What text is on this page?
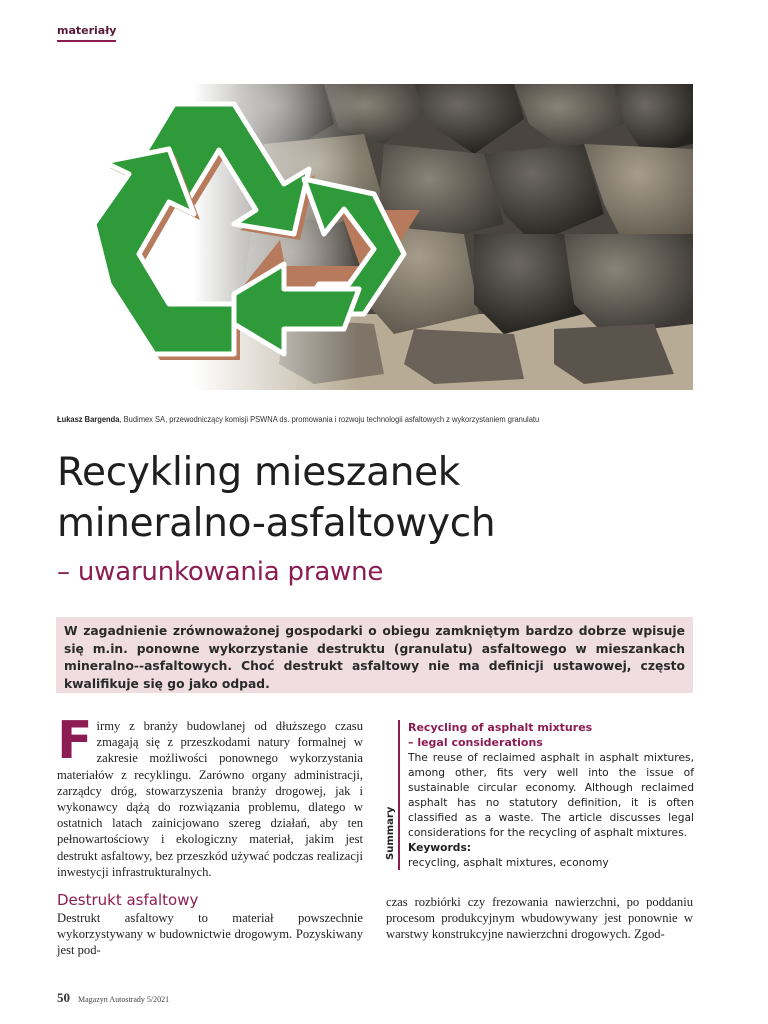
materiały
Łukasz Bargenda, Budimex SA, przewodniczący komisji PSWNA ds. promowania i rozwoju technologii asfaltowych z wykorzystaniem granulatu
Recykling mieszanek
mineralno-asfaltowych
– uwarunkowania prawne
W zagadnienie zrównoważonej gospodarki o obiegu zamkniętym bardzo dobrze wpisuje się m.in. ponowne wykorzystanie destruktu (granulatu) asfaltowego w mieszankach mineralno--asfaltowych. Choć destrukt asfaltowy nie ma definicji ustawowej, często kwalifikuje się go jako odpad.
Firmy z branży budowlanej od dłuższego czasu zmagają się z przeszkodami natury formalnej w zakresie możliwości ponownego wykorzystania materiałów z recyklingu. Zarówno organy administracji, zarządcy dróg, stowarzyszenia branży drogowej, jak i wykonawcy dążą do rozwiązania problemu, dlatego w ostatnich latach zainicjowano szereg działań, aby ten pełnowartościowy i ekologiczny materiał, jakim jest destrukt asfaltowy, bez przeszkód używać podczas realizacji inwestycji infrastrukturalnych.
Summary
Recycling of asphalt mixtures
– legal considerations
The reuse of reclaimed asphalt in asphalt mixtures, among other, fits very well into the issue of sustainable circular economy. Although reclaimed asphalt has no statutory definition, it is often classified as a waste. The article discusses legal considerations for the recycling of asphalt mixtures.
Keywords:
recycling, asphalt mixtures, economy
Destrukt asfaltowy
Destrukt asfaltowy to materiał powszechnie wykorzystywany w budownictwie drogowym. Pozyskiwany jest pod-
czas rozbiórki czy frezowania nawierzchni, po poddaniu procesom produkcyjnym wbudowywany jest ponownie w warstwy konstrukcyjne nawierzchni drogowych. Zgod-
50 Magazyn Autostrady 5/2021
